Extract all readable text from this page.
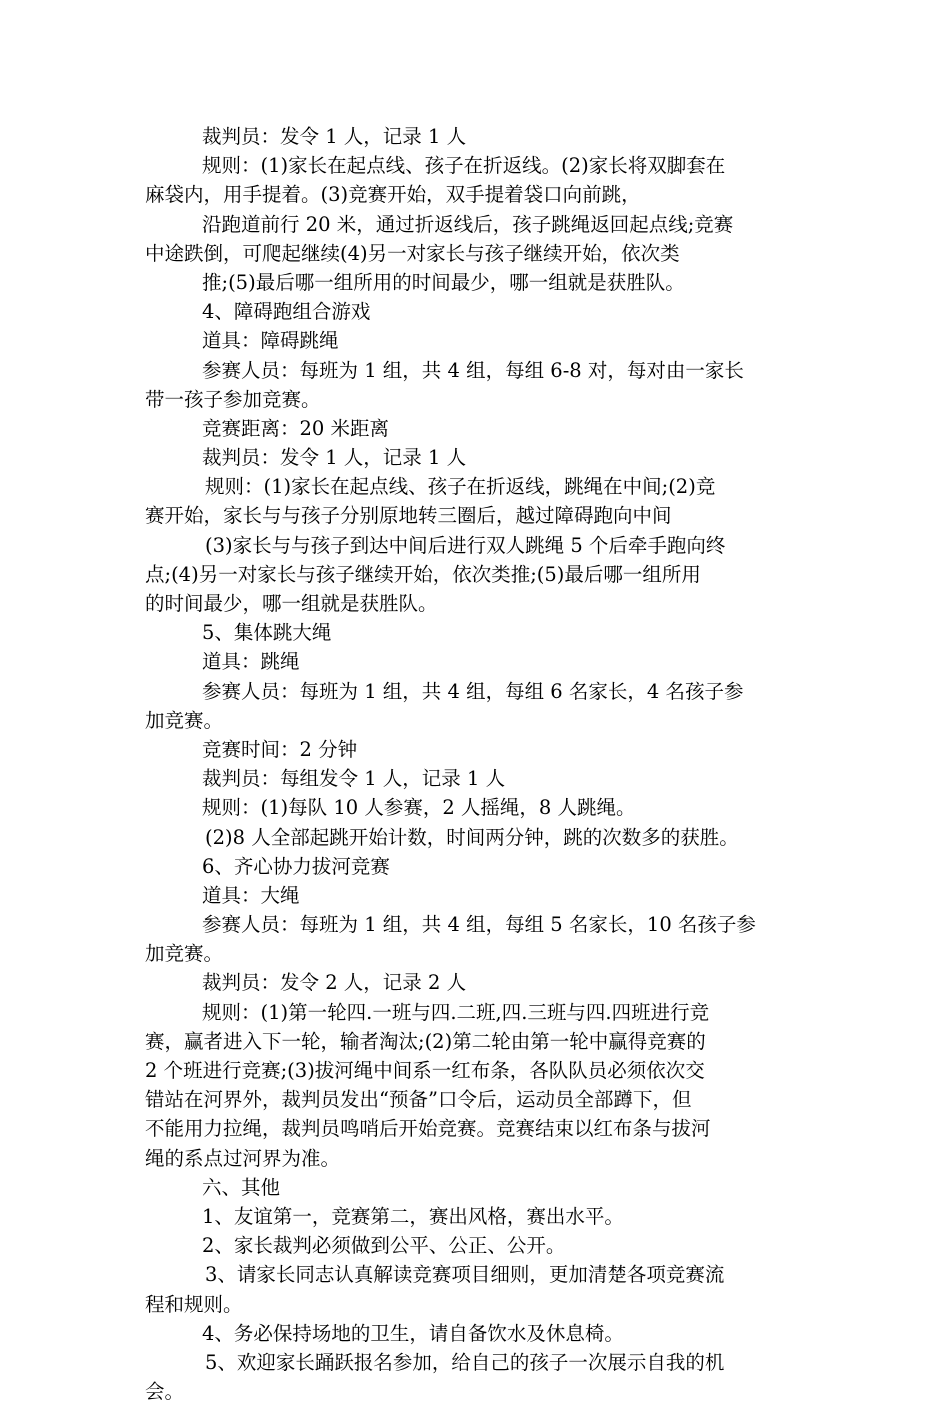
裁判员：发令 1 人，记录 1 人
规则：(1)家长在起点线、孩子在折返线。(2)家长将双脚套在
麻袋内，用手提着。(3)竞赛开始，双手提着袋口向前跳，
沿跑道前行 20 米，通过折返线后，孩子跳绳返回起点线;竞赛
中途跌倒，可爬起继续(4)另一对家长与孩子继续开始，依次类
推;(5)最后哪一组所用的时间最少，哪一组就是获胜队。
4、障碍跑组合游戏
道具：障碍跳绳
参赛人员：每班为 1 组，共 4 组，每组 6-8 对，每对由一家长
带一孩子参加竞赛。
竞赛距离：20 米距离
裁判员：发令 1 人，记录 1 人
规则：(1)家长在起点线、孩子在折返线，跳绳在中间;(2)竞
赛开始，家长与与孩子分别原地转三圈后，越过障碍跑向中间
(3)家长与与孩子到达中间后进行双人跳绳 5 个后牵手跑向终
点;(4)另一对家长与孩子继续开始，依次类推;(5)最后哪一组所用
的时间最少，哪一组就是获胜队。
5、集体跳大绳
道具：跳绳
参赛人员：每班为 1 组，共 4 组，每组 6 名家长，4 名孩子参
加竞赛。
竞赛时间：2 分钟
裁判员：每组发令 1 人，记录 1 人
规则：(1)每队 10 人参赛，2 人摇绳，8 人跳绳。
(2)8 人全部起跳开始计数，时间两分钟，跳的次数多的获胜。
6、齐心协力拔河竞赛
道具：大绳
参赛人员：每班为 1 组，共 4 组，每组 5 名家长，10 名孩子参
加竞赛。
裁判员：发令 2 人，记录 2 人
规则：(1)第一轮四.一班与四.二班,四.三班与四.四班进行竞
赛，赢者进入下一轮，输者淘汰;(2)第二轮由第一轮中赢得竞赛的
2 个班进行竞赛;(3)拔河绳中间系一红布条，各队队员必须依次交
错站在河界外，裁判员发出“预备”口令后，运动员全部蹲下，但
不能用力拉绳，裁判员鸣哨后开始竞赛。竞赛结束以红布条与拔河
绳的系点过河界为准。
六、其他
1、友谊第一，竞赛第二，赛出风格，赛出水平。
2、家长裁判必须做到公平、公正、公开。
3、请家长同志认真解读竞赛项目细则，更加清楚各项竞赛流
程和规则。
4、务必保持场地的卫生，请自备饮水及休息椅。
5、欢迎家长踊跃报名参加，给自己的孩子一次展示自我的机
会。
